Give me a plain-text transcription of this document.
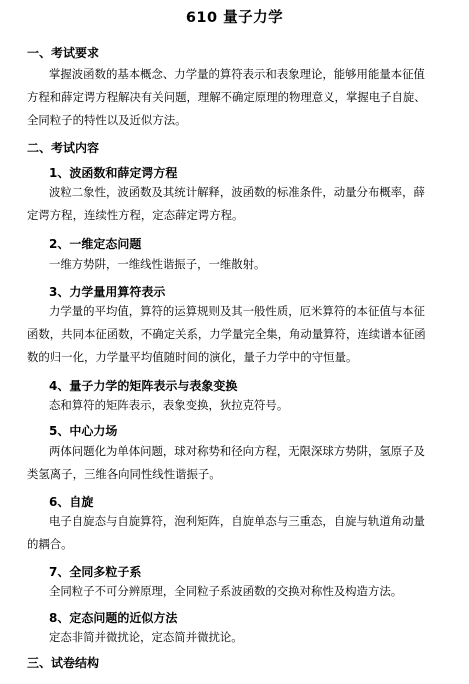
610 量子力学
一、考试要求
掌握波函数的基本概念、力学量的算符表示和表象理论，能够用能量本征值
方程和薛定谔方程解决有关问题，理解不确定原理的物理意义，掌握电子自旋、
全同粒子的特性以及近似方法。
二、考试内容
1、波函数和薛定谔方程
波粒二象性，波函数及其统计解释，波函数的标准条件，动量分布概率，薛
定谔方程，连续性方程，定态薛定谔方程。
2、一维定态问题
一维方势阱，一维线性谐振子，一维散射。
3、力学量用算符表示
力学量的平均值，算符的运算规则及其一般性质，厄米算符的本征值与本征
函数，共同本征函数，不确定关系，力学量完全集，角动量算符，连续谱本征函
数的归一化，力学量平均值随时间的演化，量子力学中的守恒量。
4、量子力学的矩阵表示与表象变换
态和算符的矩阵表示，表象变换，狄拉克符号。
5、中心力场
两体问题化为单体问题，球对称势和径向方程，无限深球方势阱，氢原子及
类氢离子，三维各向同性线性谐振子。
6、自旋
电子自旋态与自旋算符，泡利矩阵，自旋单态与三重态，自旋与轨道角动量
的耦合。
7、全同多粒子系
全同粒子不可分辨原理，全同粒子系波函数的交换对称性及构造方法。
8、定态问题的近似方法
定态非简并微扰论，定态简并微扰论。
三、试卷结构
